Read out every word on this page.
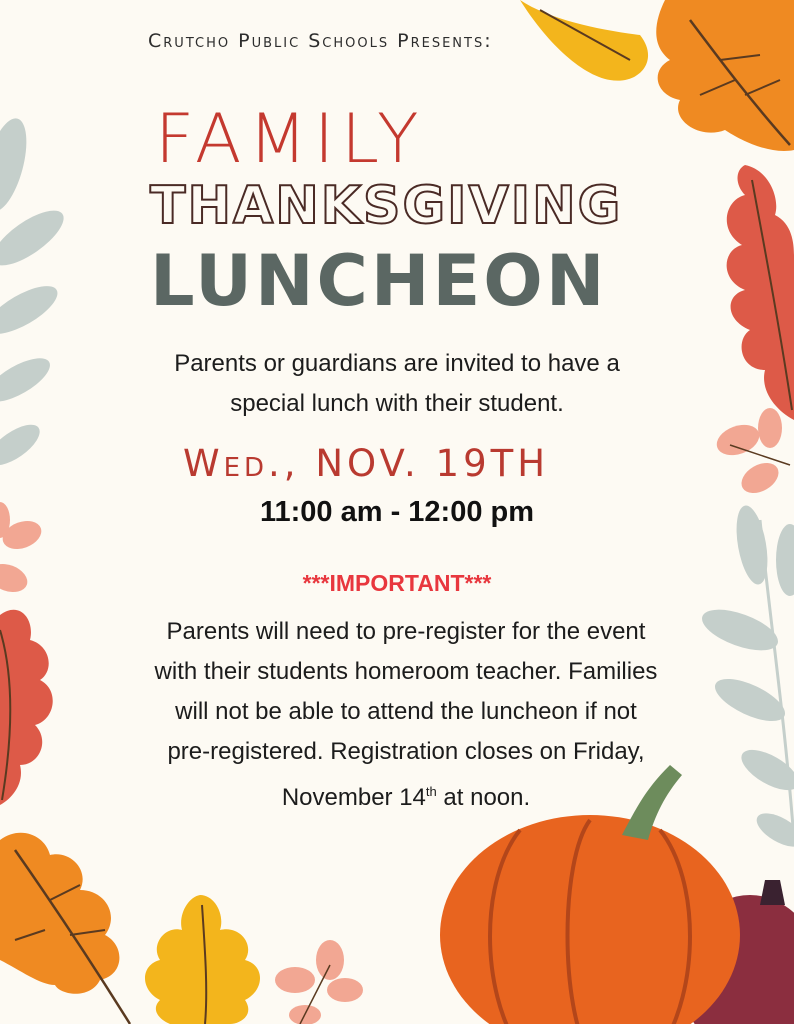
Crutcho Public Schools Presents:
FAMILY
THANKSGIVING
LUNCHEON
Parents or guardians are invited to have a
special lunch with their student.
Wed., NOV. 19TH
11:00 am - 12:00 pm
***IMPORTANT***
Parents will need to pre-register for the event
with their students homeroom teacher. Families
will not be able to attend the luncheon if not
pre-registered. Registration closes on Friday,
November 14th at noon.
